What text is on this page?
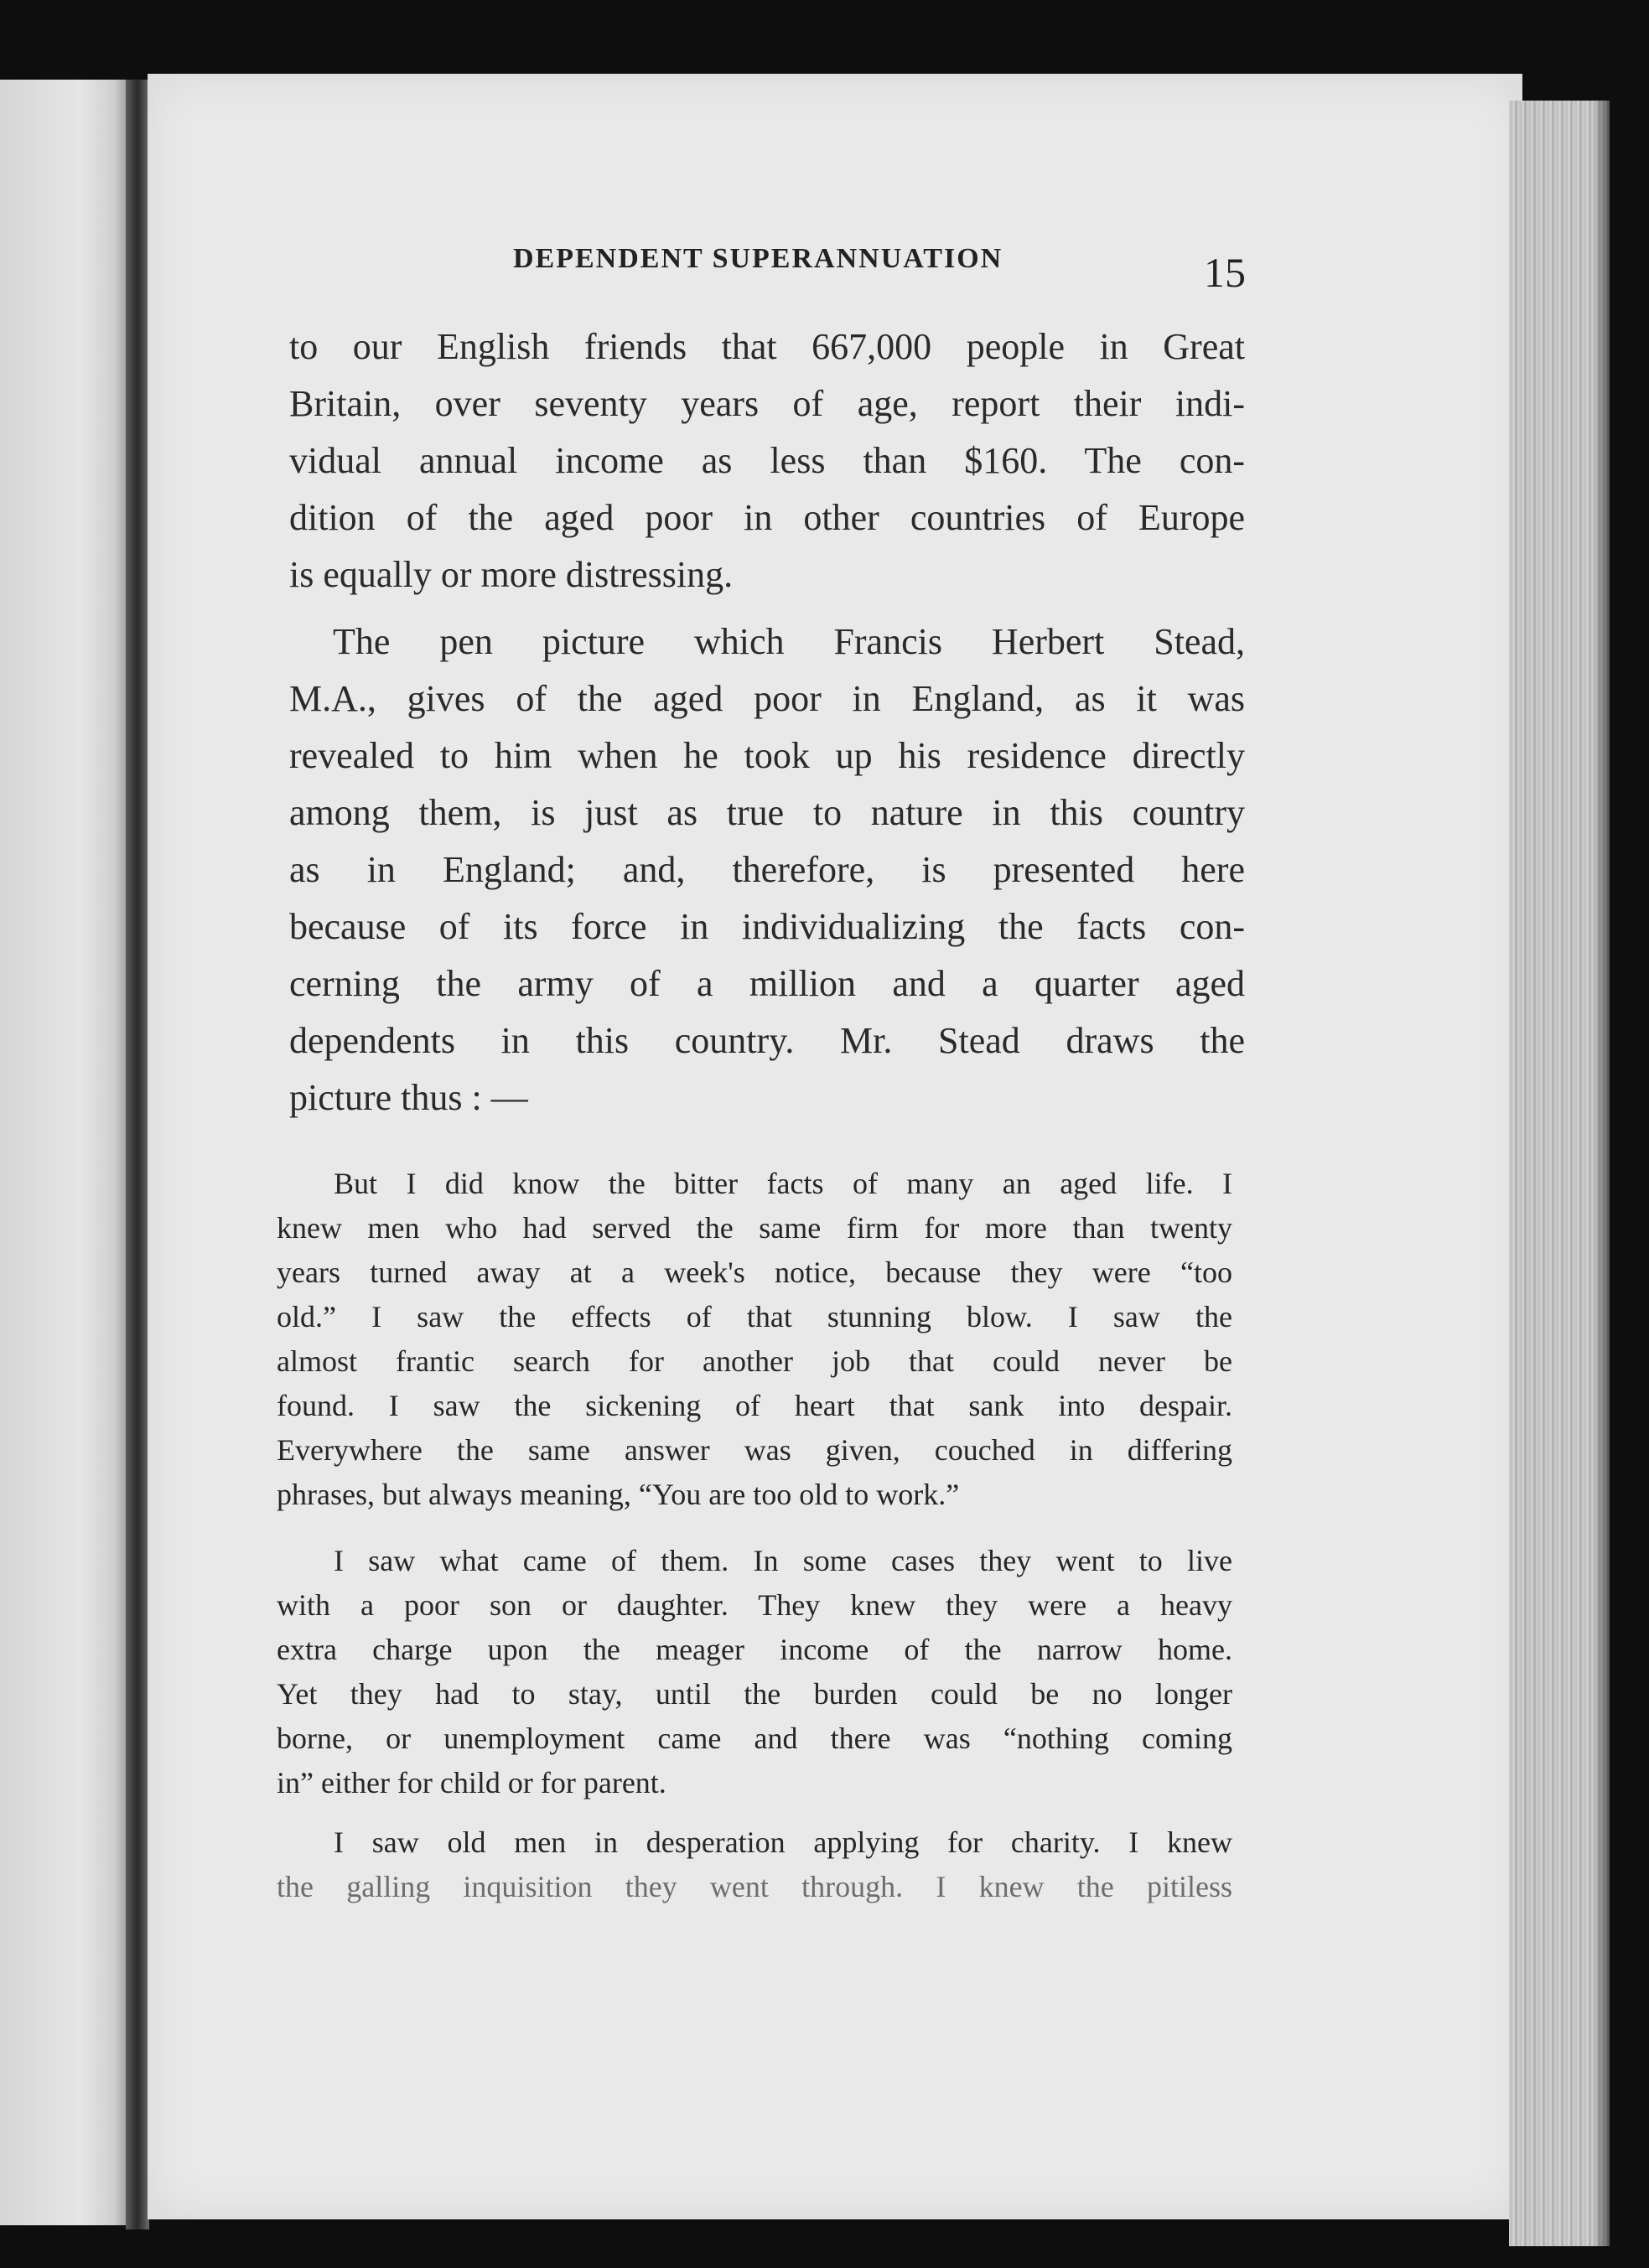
DEPENDENT SUPERANNUATION	15
to our English friends that 667,000 people in Great
Britain, over seventy years of age, report their indi-
vidual annual income as less than $160. The con-
dition of the aged poor in other countries of Europe
is equally or more distressing.
The pen picture which Francis Herbert Stead,
M.A., gives of the aged poor in England, as it was
revealed to him when he took up his residence directly
among them, is just as true to nature in this country
as in England; and, therefore, is presented here
because of its force in individualizing the facts con-
cerning the army of a million and a quarter aged
dependents in this country. Mr. Stead draws the
picture thus : —
But I did know the bitter facts of many an aged life. I
knew men who had served the same firm for more than twenty
years turned away at a week's notice, because they were “too
old.” I saw the effects of that stunning blow. I saw the
almost frantic search for another job that could never be
found. I saw the sickening of heart that sank into despair.
Everywhere the same answer was given, couched in differing
phrases, but always meaning, “You are too old to work.”
I saw what came of them. In some cases they went to live
with a poor son or daughter. They knew they were a heavy
extra charge upon the meager income of the narrow home.
Yet they had to stay, until the burden could be no longer
borne, or unemployment came and there was “nothing coming
in” either for child or for parent.
I saw old men in desperation applying for charity. I knew
the galling inquisition they went through. I knew the pitiless
